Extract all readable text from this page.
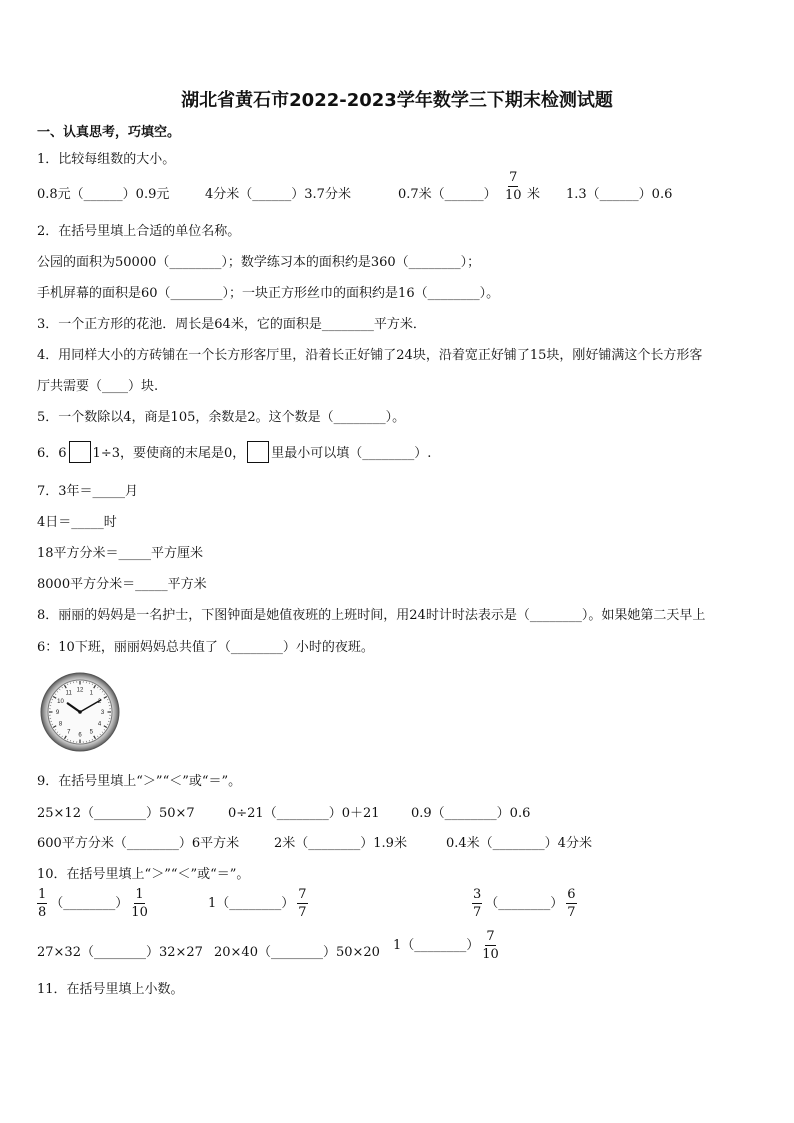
湖北省黄石市2022-2023学年数学三下期末检测试题
一、认真思考，巧填空。
1．比较每组数的大小。
0.8元（______）0.9元	4分米（______）3.7分米	0.7米（______） $\frac{7}{10}$ 米 1.3（______）0.6
2．在括号里填上合适的单位名称。
公园的面积为50000（________）；数学练习本的面积约是360（________）；
手机屏幕的面积是60（________）；一块正方形丝巾的面积约是16（________）。
3．一个正方形的花池．周长是64米，它的面积是________平方米．
4．用同样大小的方砖铺在一个长方形客厅里，沿着长正好铺了24块，沿着宽正好铺了15块，刚好铺满这个长方形客
厅共需要（____）块.
5．一个数除以4，商是105，余数是2。这个数是（________）。
6．6 1÷3，要使商的末尾是0， 里最小可以填（________）.
7．3年＝_____月
4日＝_____时
18平方分米＝_____平方厘米
8000平方分米＝_____平方米
8．丽丽的妈妈是一名护士，下图钟面是她值夜班的上班时间，用24时计时法表示是（________）。如果她第二天早上
6：10下班，丽丽妈妈总共值了（________）小时的夜班。
12
1
2
3
4
5
6
7
8
9
10
11
9．在括号里填上“＞”“＜”或“＝”。
25×12（________）50×7	0÷21（________）0＋21 0.9（________）0.6
600平方分米（________）6平方米	2米（________）1.9米	0.4米（________）4分米
10．在括号里填上“＞”“＜”或“＝”。
$\frac{1}{8}$ （________） $\frac{1}{10}$	1（________） $\frac{7}{7}$	$\frac{3}{7}$ （________） $\frac{6}{7}$
27×32（________）32×27 20×40（________）50×20 1（________） $\frac{7}{10}$
11．在括号里填上小数。
